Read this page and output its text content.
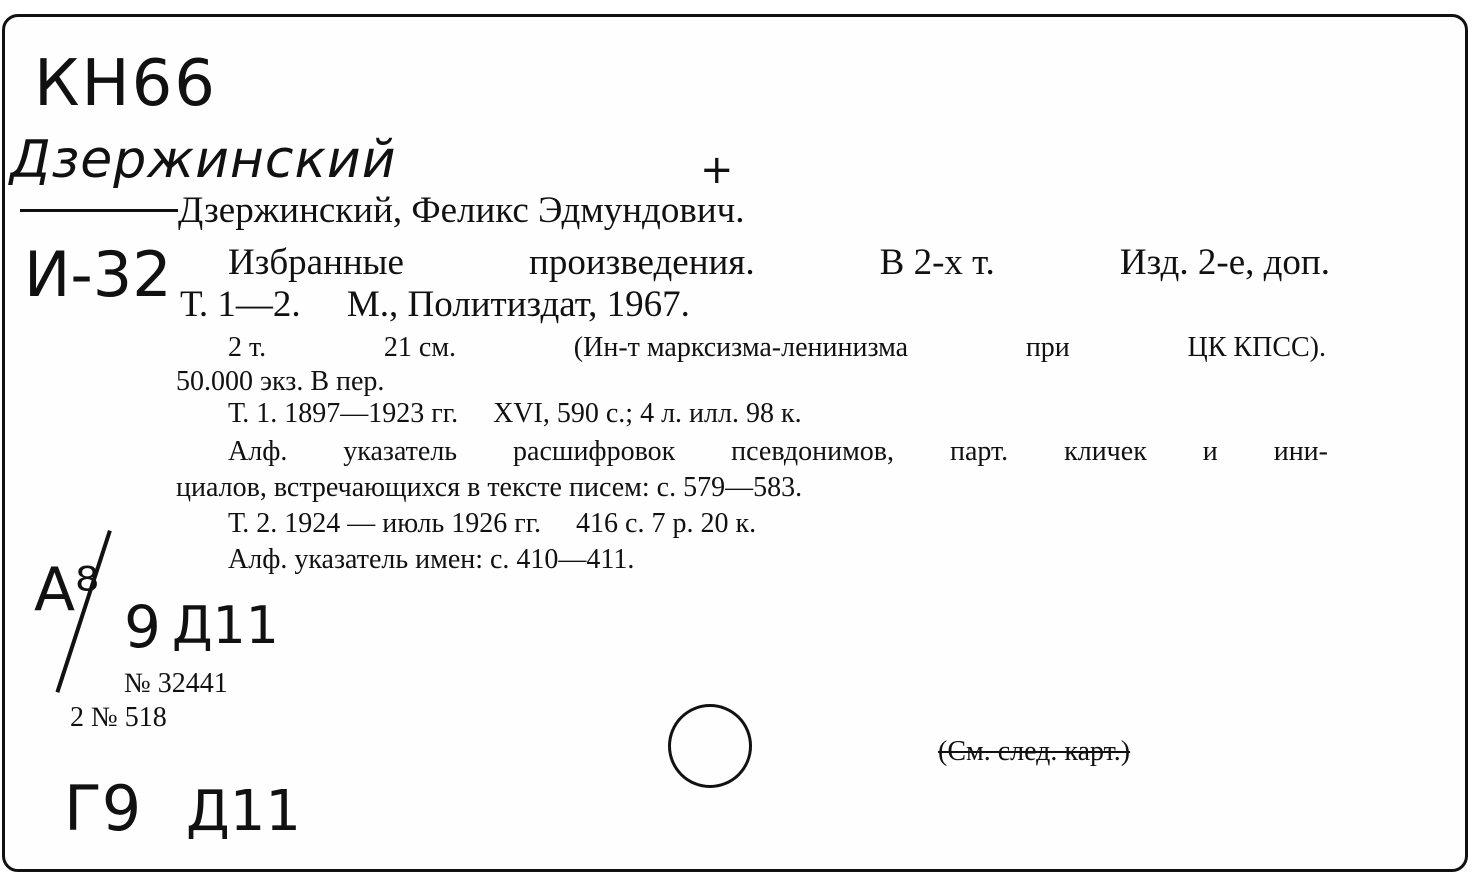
КН66
Дзержинский	+
И-32
А⁸
9 Д11
Г9 Д11
Дзержинский, Феликс Эдмундович.
Избранные	произведения.	В 2-х т.	Изд. 2-е, доп.
Т. 1—2.     М., Политиздат, 1967.
2 т.	21 см.	(Ин-т марксизма-ленинизма	при	ЦК КПСС).
50.000 экз. В пер.
Т. 1. 1897—1923 гг.     XVI, 590 с.; 4 л. илл. 98 к.
Алф. указатель расшифровок псевдонимов, парт. кличек и ини-
циалов, встречающихся в тексте писем: с. 579—583.
Т. 2. 1924 — июль 1926 гг.     416 с. 7 р. 20 к.
Алф. указатель имен: с. 410—411.
№ 32441
2 № 518
(См. след. карт.)
